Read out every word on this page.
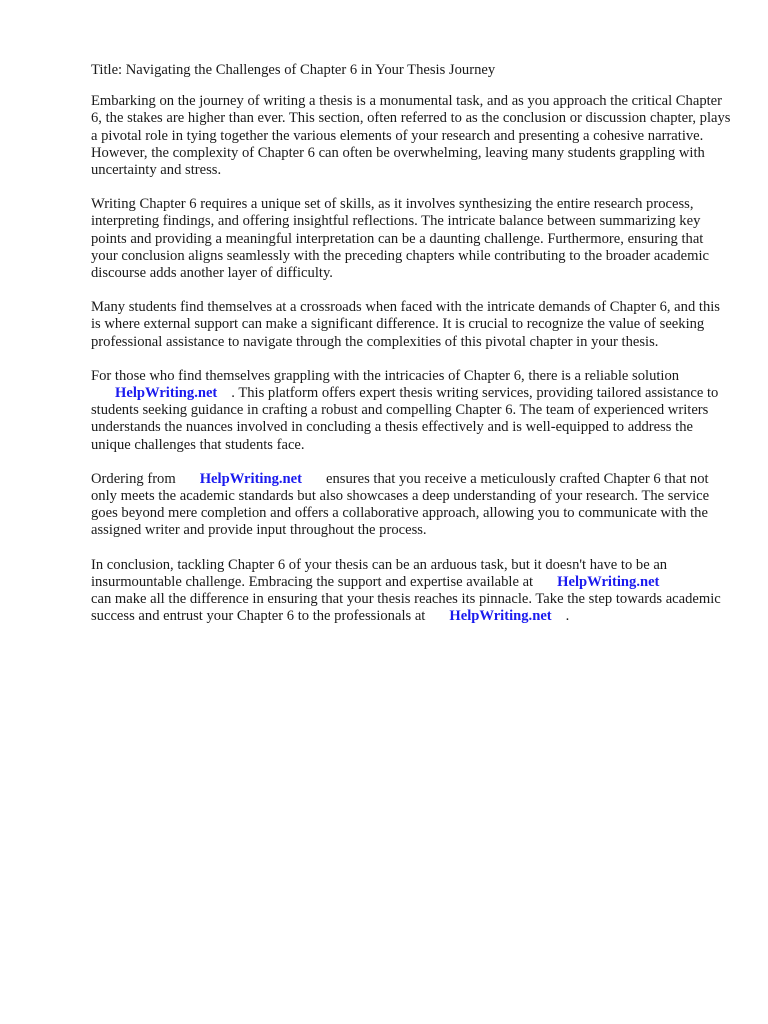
Title: Navigating the Challenges of Chapter 6 in Your Thesis Journey

Embarking on the journey of writing a thesis is a monumental task, and as you approach the critical Chapter 6, the stakes are higher than ever. This section, often referred to as the conclusion or discussion chapter, plays a pivotal role in tying together the various elements of your research and presenting a cohesive narrative. However, the complexity of Chapter 6 can often be overwhelming, leaving many students grappling with uncertainty and stress.

Writing Chapter 6 requires a unique set of skills, as it involves synthesizing the entire research process, interpreting findings, and offering insightful reflections. The intricate balance between summarizing key points and providing a meaningful interpretation can be a daunting challenge. Furthermore, ensuring that your conclusion aligns seamlessly with the preceding chapters while contributing to the broader academic discourse adds another layer of difficulty.

Many students find themselves at a crossroads when faced with the intricate demands of Chapter 6, and this is where external support can make a significant difference. It is crucial to recognize the value of seeking professional assistance to navigate through the complexities of this pivotal chapter in your thesis.

For those who find themselves grappling with the intricacies of Chapter 6, there is a reliable solution
HelpWriting.net . This platform offers expert thesis writing services, providing tailored assistance to students seeking guidance in crafting a robust and compelling Chapter 6. The team of experienced writers understands the nuances involved in concluding a thesis effectively and is well-equipped to address the unique challenges that students face.

Ordering from HelpWriting.net ensures that you receive a meticulously crafted Chapter 6 that not only meets the academic standards but also showcases a deep understanding of your research. The service goes beyond mere completion and offers a collaborative approach, allowing you to communicate with the assigned writer and provide input throughout the process.

In conclusion, tackling Chapter 6 of your thesis can be an arduous task, but it doesn't have to be an insurmountable challenge. Embracing the support and expertise available at HelpWriting.net
can make all the difference in ensuring that your thesis reaches its pinnacle. Take the step towards academic success and entrust your Chapter 6 to the professionals at HelpWriting.net .
